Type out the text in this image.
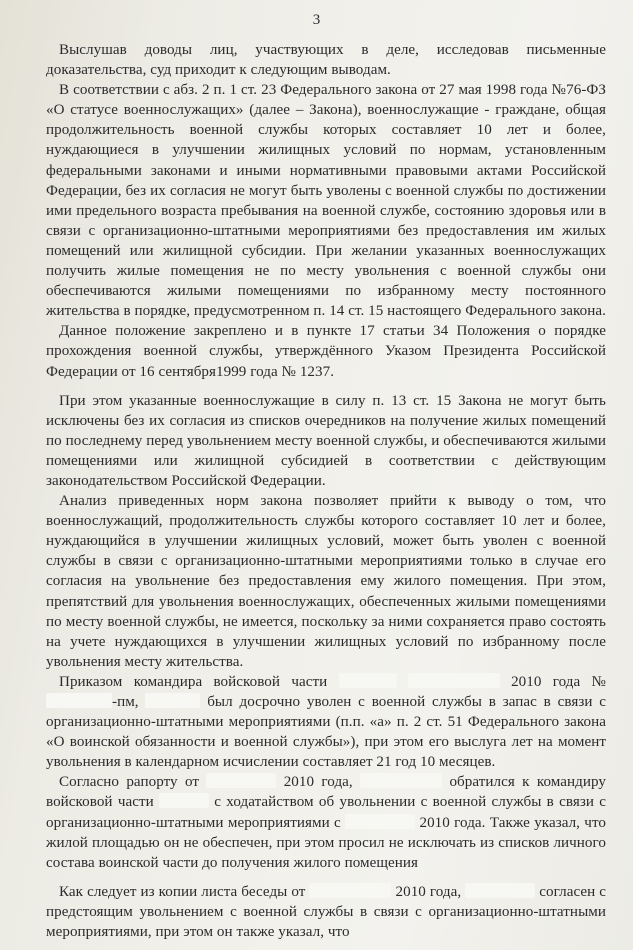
3

Выслушав доводы лиц, участвующих в деле, исследовав письменные доказательства, суд приходит к следующим выводам.

В соответствии с абз. 2 п. 1 ст. 23 Федерального закона от 27 мая 1998 года №76-ФЗ «О статусе военнослужащих» (далее – Закона), военнослужащие - граждане, общая продолжительность военной службы которых составляет 10 лет и более, нуждающиеся в улучшении жилищных условий по нормам, установленным федеральными законами и иными нормативными правовыми актами Российской Федерации, без их согласия не могут быть уволены с военной службы по достижении ими предельного возраста пребывания на военной службе, состоянию здоровья или в связи с организационно-штатными мероприятиями без предоставления им жилых помещений или жилищной субсидии. При желании указанных военнослужащих получить жилые помещения не по месту увольнения с военной службы они обеспечиваются жилыми помещениями по избранному месту постоянного жительства в порядке, предусмотренном п. 14 ст. 15 настоящего Федерального закона.

Данное положение закреплено и в пункте 17 статьи 34 Положения о порядке прохождения военной службы, утверждённого Указом Президента Российской Федерации от 16 сентября1999 года № 1237.

При этом указанные военнослужащие в силу п. 13 ст. 15 Закона не могут быть исключены без их согласия из списков очередников на получение жилых помещений по последнему перед увольнением месту военной службы, и обеспечиваются жилыми помещениями или жилищной субсидией в соответствии с действующим законодательством Российской Федерации.

Анализ приведенных норм закона позволяет прийти к выводу о том, что военнослужащий, продолжительность службы которого составляет 10 лет и более, нуждающийся в улучшении жилищных условий, может быть уволен с военной службы в связи с организационно-штатными мероприятиями только в случае его согласия на увольнение без предоставления ему жилого помещения. При этом, препятствий для увольнения военнослужащих, обеспеченных жилыми помещениями по месту военной службы, не имеется, поскольку за ними сохраняется право состоять на учете нуждающихся в улучшении жилищных условий по избранному после увольнения месту жительства.

Приказом командира войсковой части	2010 года № -пм,	был досрочно уволен с военной службы в запас в связи с организационно-штатными мероприятиями (п.п. «а» п. 2 ст. 51 Федерального закона «О воинской обязанности и военной службы»), при этом его выслуга лет на момент увольнения в календарном исчислении составляет 21 год 10 месяцев.

Согласно рапорту от	2010 года,	обратился к командиру войсковой части	с ходатайством об увольнении с военной службы в связи с организационно-штатными мероприятиями с	2010 года. Также указал, что жилой площадью он не обеспечен, при этом просил не исключать из списков личного состава воинской части до получения жилого помещения

Как следует из копии листа беседы от	2010 года,	согласен с предстоящим увольнением с военной службы в связи с организационно-штатными мероприятиями, при этом он также указал, что
